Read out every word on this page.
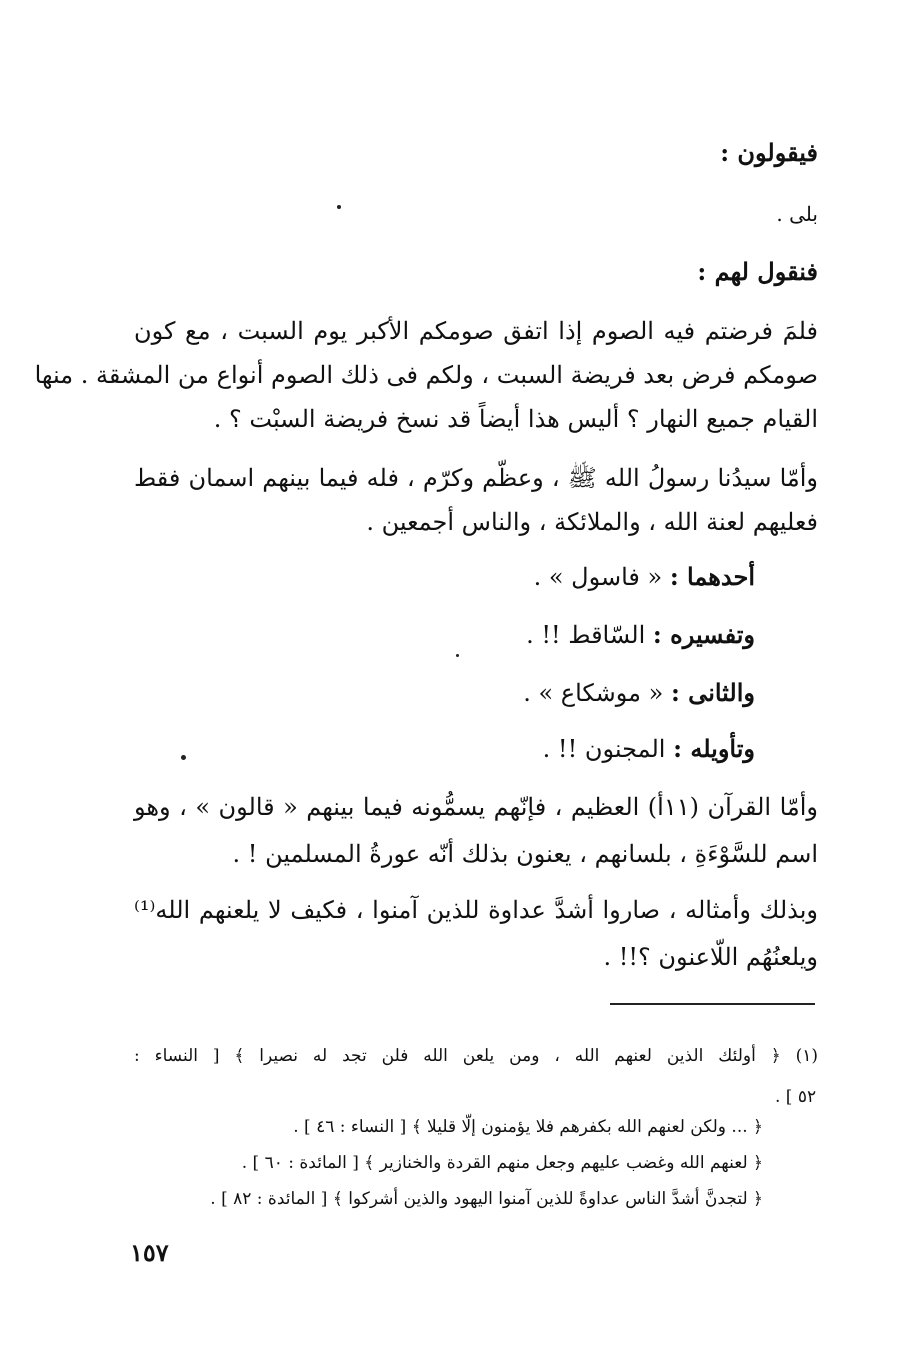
فيقولون :
بلى .
فنقول لهم :
فلمَ فرضتم فيه الصوم إذا اتفق صومكم الأكبر يوم السبت ، مع كون
صومكم فرض بعد فريضة السبت ، ولكم فى ذلك الصوم أنواع من المشقة . منها
القيام جميع النهار ؟ أليس هذا أيضاً قد نسخ فريضة السبْت ؟ .
وأمّا سيدُنا رسولُ الله ﷺ ، وعظّم وكرّم ، فله فيما بينهم اسمان فقط
فعليهم لعنة الله ، والملائكة ، والناس أجمعين .
أحدهما : « فاسول » .
وتفسيره : السّاقط !! .
والثانى : « موشكاع » .
وتأويله : المجنون !! .
وأمّا القرآن (١١أ) العظيم ، فإنّهم يسمُّونه فيما بينهم « قالون » ، وهو
اسم للسَّوْءَةِ ، بلسانهم ، يعنون بذلك أنّه عورةُ المسلمين ! .
وبذلك وأمثاله ، صاروا أشدَّ عداوة للذين آمنوا ، فكيف لا يلعنهم الله⁽¹⁾
ويلعنُهُم اللّاعنون ؟!! .
(١) ﴿ أولئك الذين لعنهم الله ، ومن يلعن الله فلن تجد له نصيرا ﴾ [ النساء :
. [ ٥٢
﴿ ... ولكن لعنهم الله بكفرهم فلا يؤمنون إلّا قليلا ﴾ [ النساء : ٤٦ ] .
﴿ لعنهم الله وغضب عليهم وجعل منهم القردة والخنازير ﴾ [ المائدة : ٦٠ ] .
﴿ لتجدنَّ أشدَّ الناس عداوةً للذين آمنوا اليهود والذين أشركوا ﴾ [ المائدة : ٨٢ ] .
١٥٧
